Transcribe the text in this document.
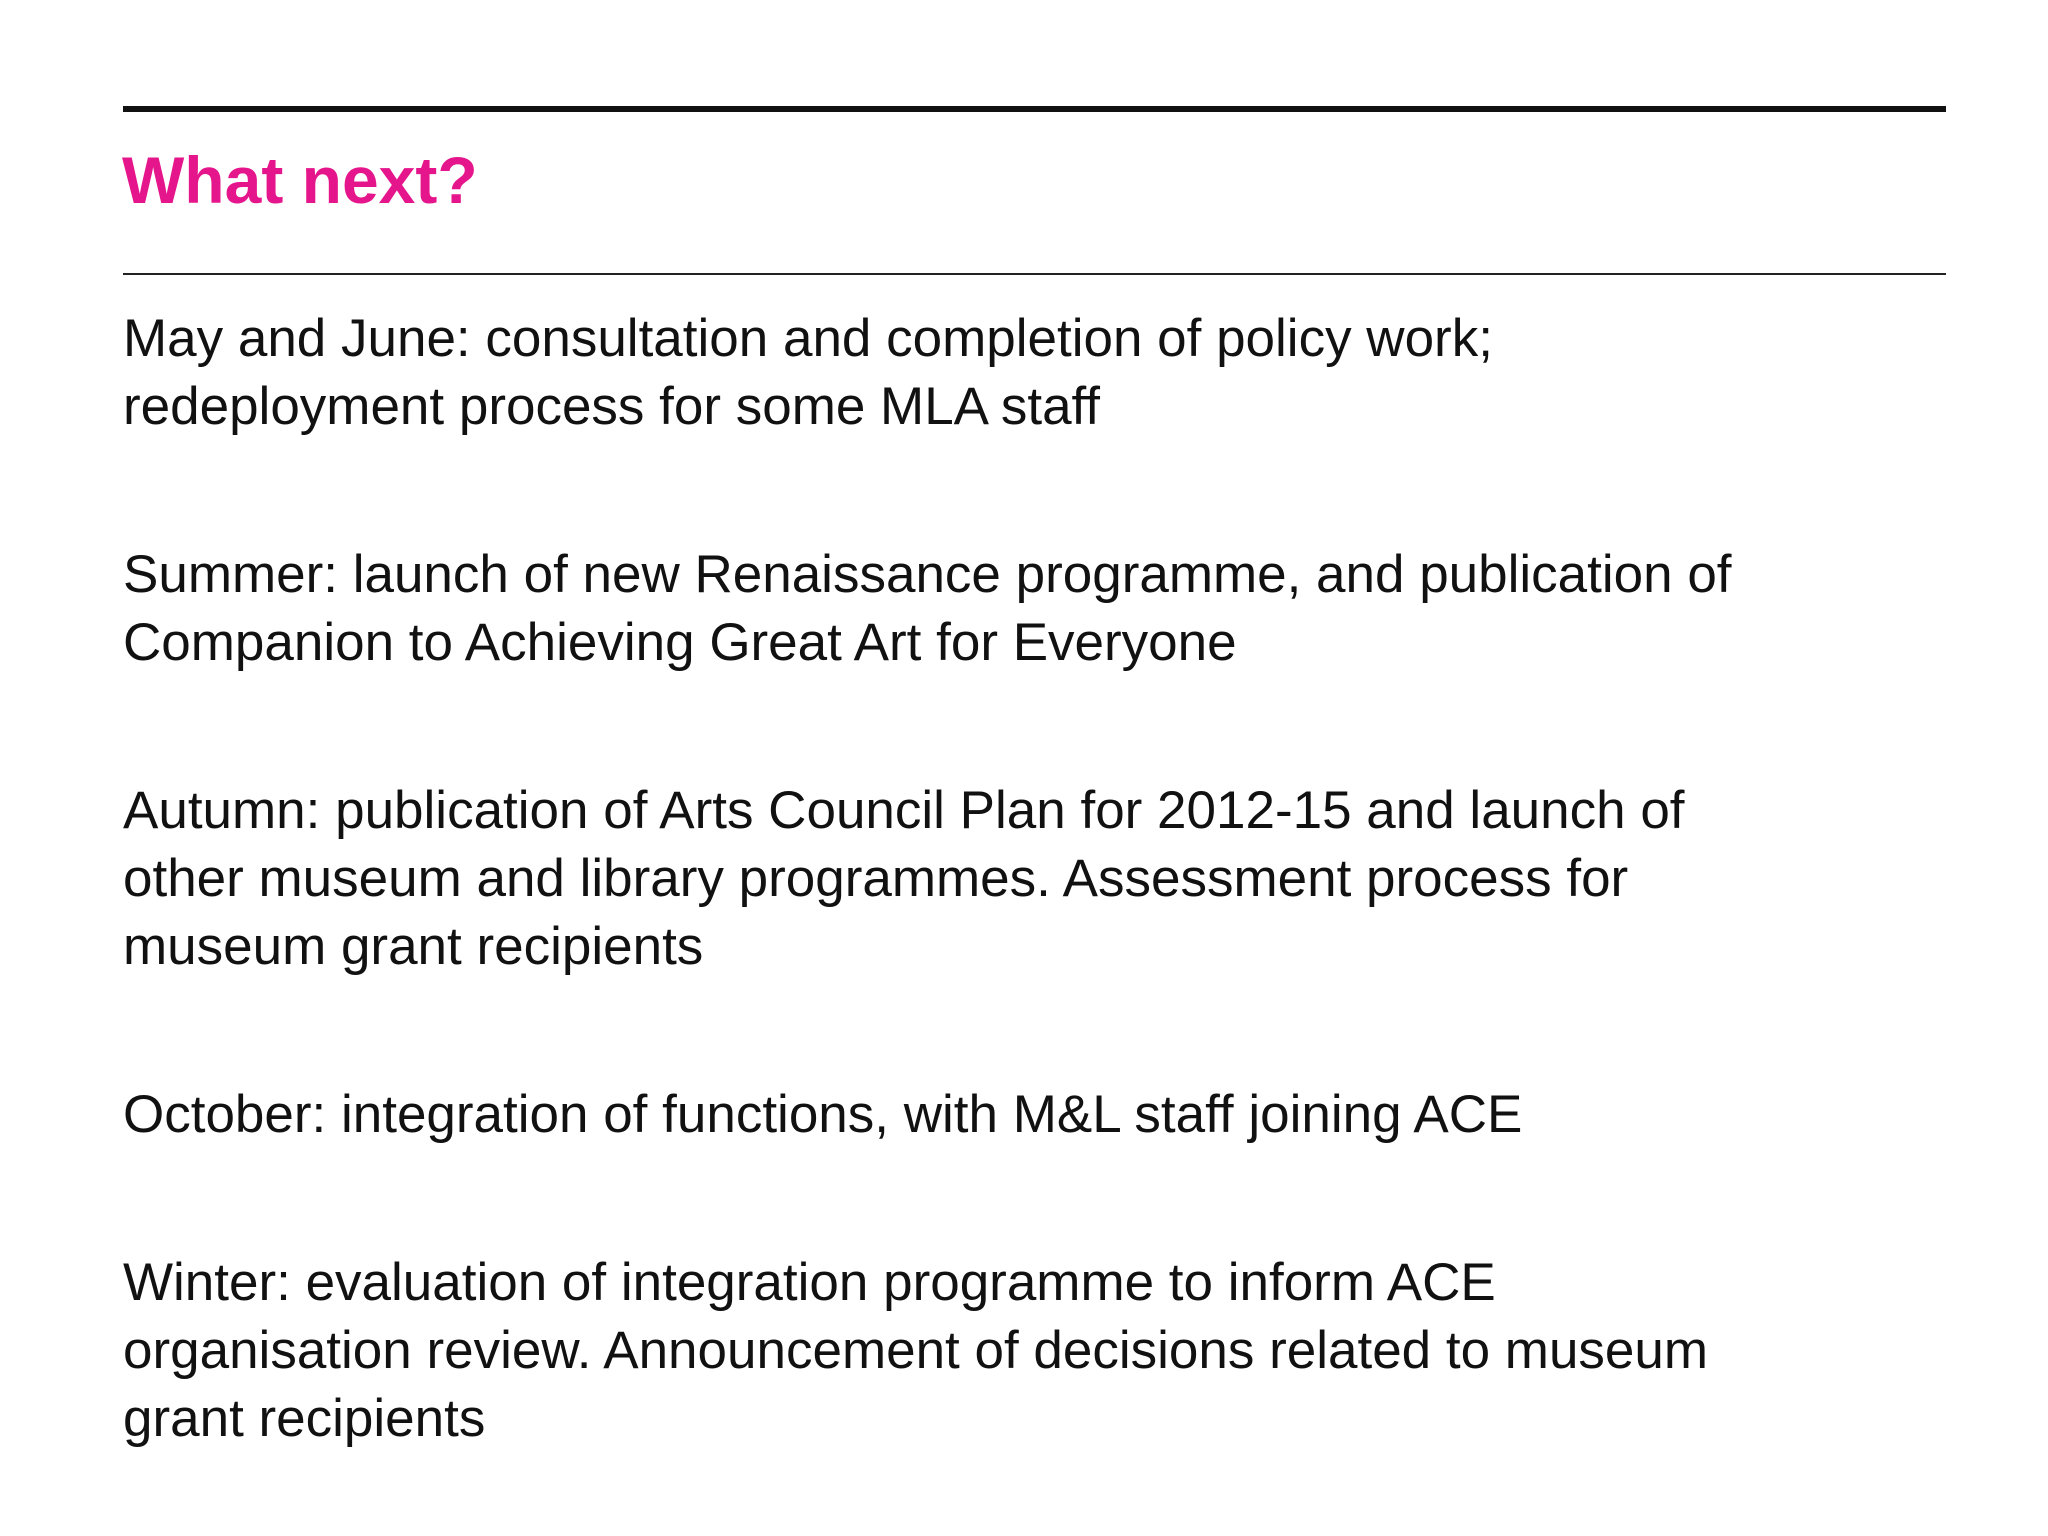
What next?
May and June: consultation and completion of policy work;
redeployment process for some MLA staff
Summer: launch of new Renaissance programme, and publication of
Companion to Achieving Great Art for Everyone
Autumn: publication of Arts Council Plan for 2012-15 and launch of
other museum and library programmes. Assessment process for
museum grant recipients
October: integration of functions, with M&L staff joining ACE
Winter: evaluation of integration programme to inform ACE
organisation review. Announcement of decisions related to museum
grant recipients
